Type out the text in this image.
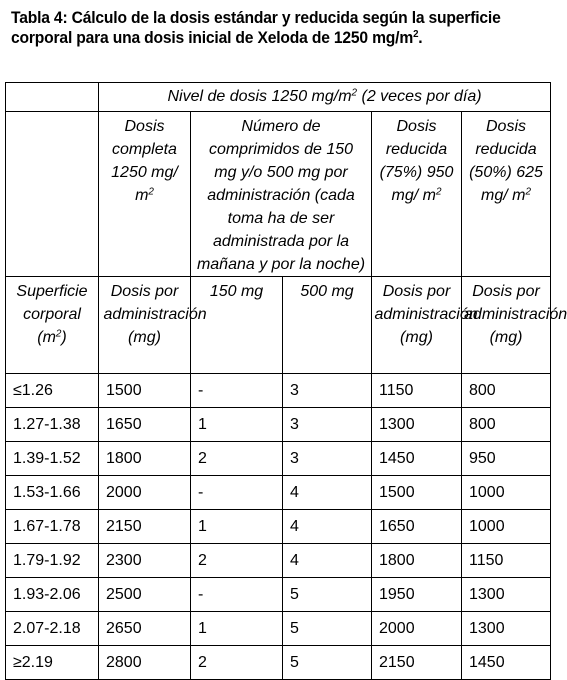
Tabla 4: Cálculo de la dosis estándar y reducida según la superficie corporal para una dosis inicial de Xeloda de 1250 $mg/m^2$.
	Nivel de dosis 1250 $mg/m^2$ (2 veces por día)				

	Dosis completa 1250 mg/ $m^2$	Número de comprimidos de 150 mg y/o 500 mg por administración (cada toma ha de ser administrada por la mañana y por la noche)		Dosis reducida (75%) 950 mg/ $m^2$	Dosis reducida (50%) 625 mg/ $m^2$

Superficie corporal $(m^2)$	Dosis por administración (mg)	150 mg	500 mg	Dosis por administración (mg)	Dosis por administración (mg)

≤1.26	1500	-	3	1150	800
1.27-1.38	1650	1	3	1300	800
1.39-1.52	1800	2	3	1450	950
1.53-1.66	2000	-	4	1500	1000
1.67-1.78	2150	1	4	1650	1000
1.79-1.92	2300	2	4	1800	1150
1.93-2.06	2500	-	5	1950	1300
2.07-2.18	2650	1	5	2000	1300
≥2.19	2800	2	5	2150	1450
